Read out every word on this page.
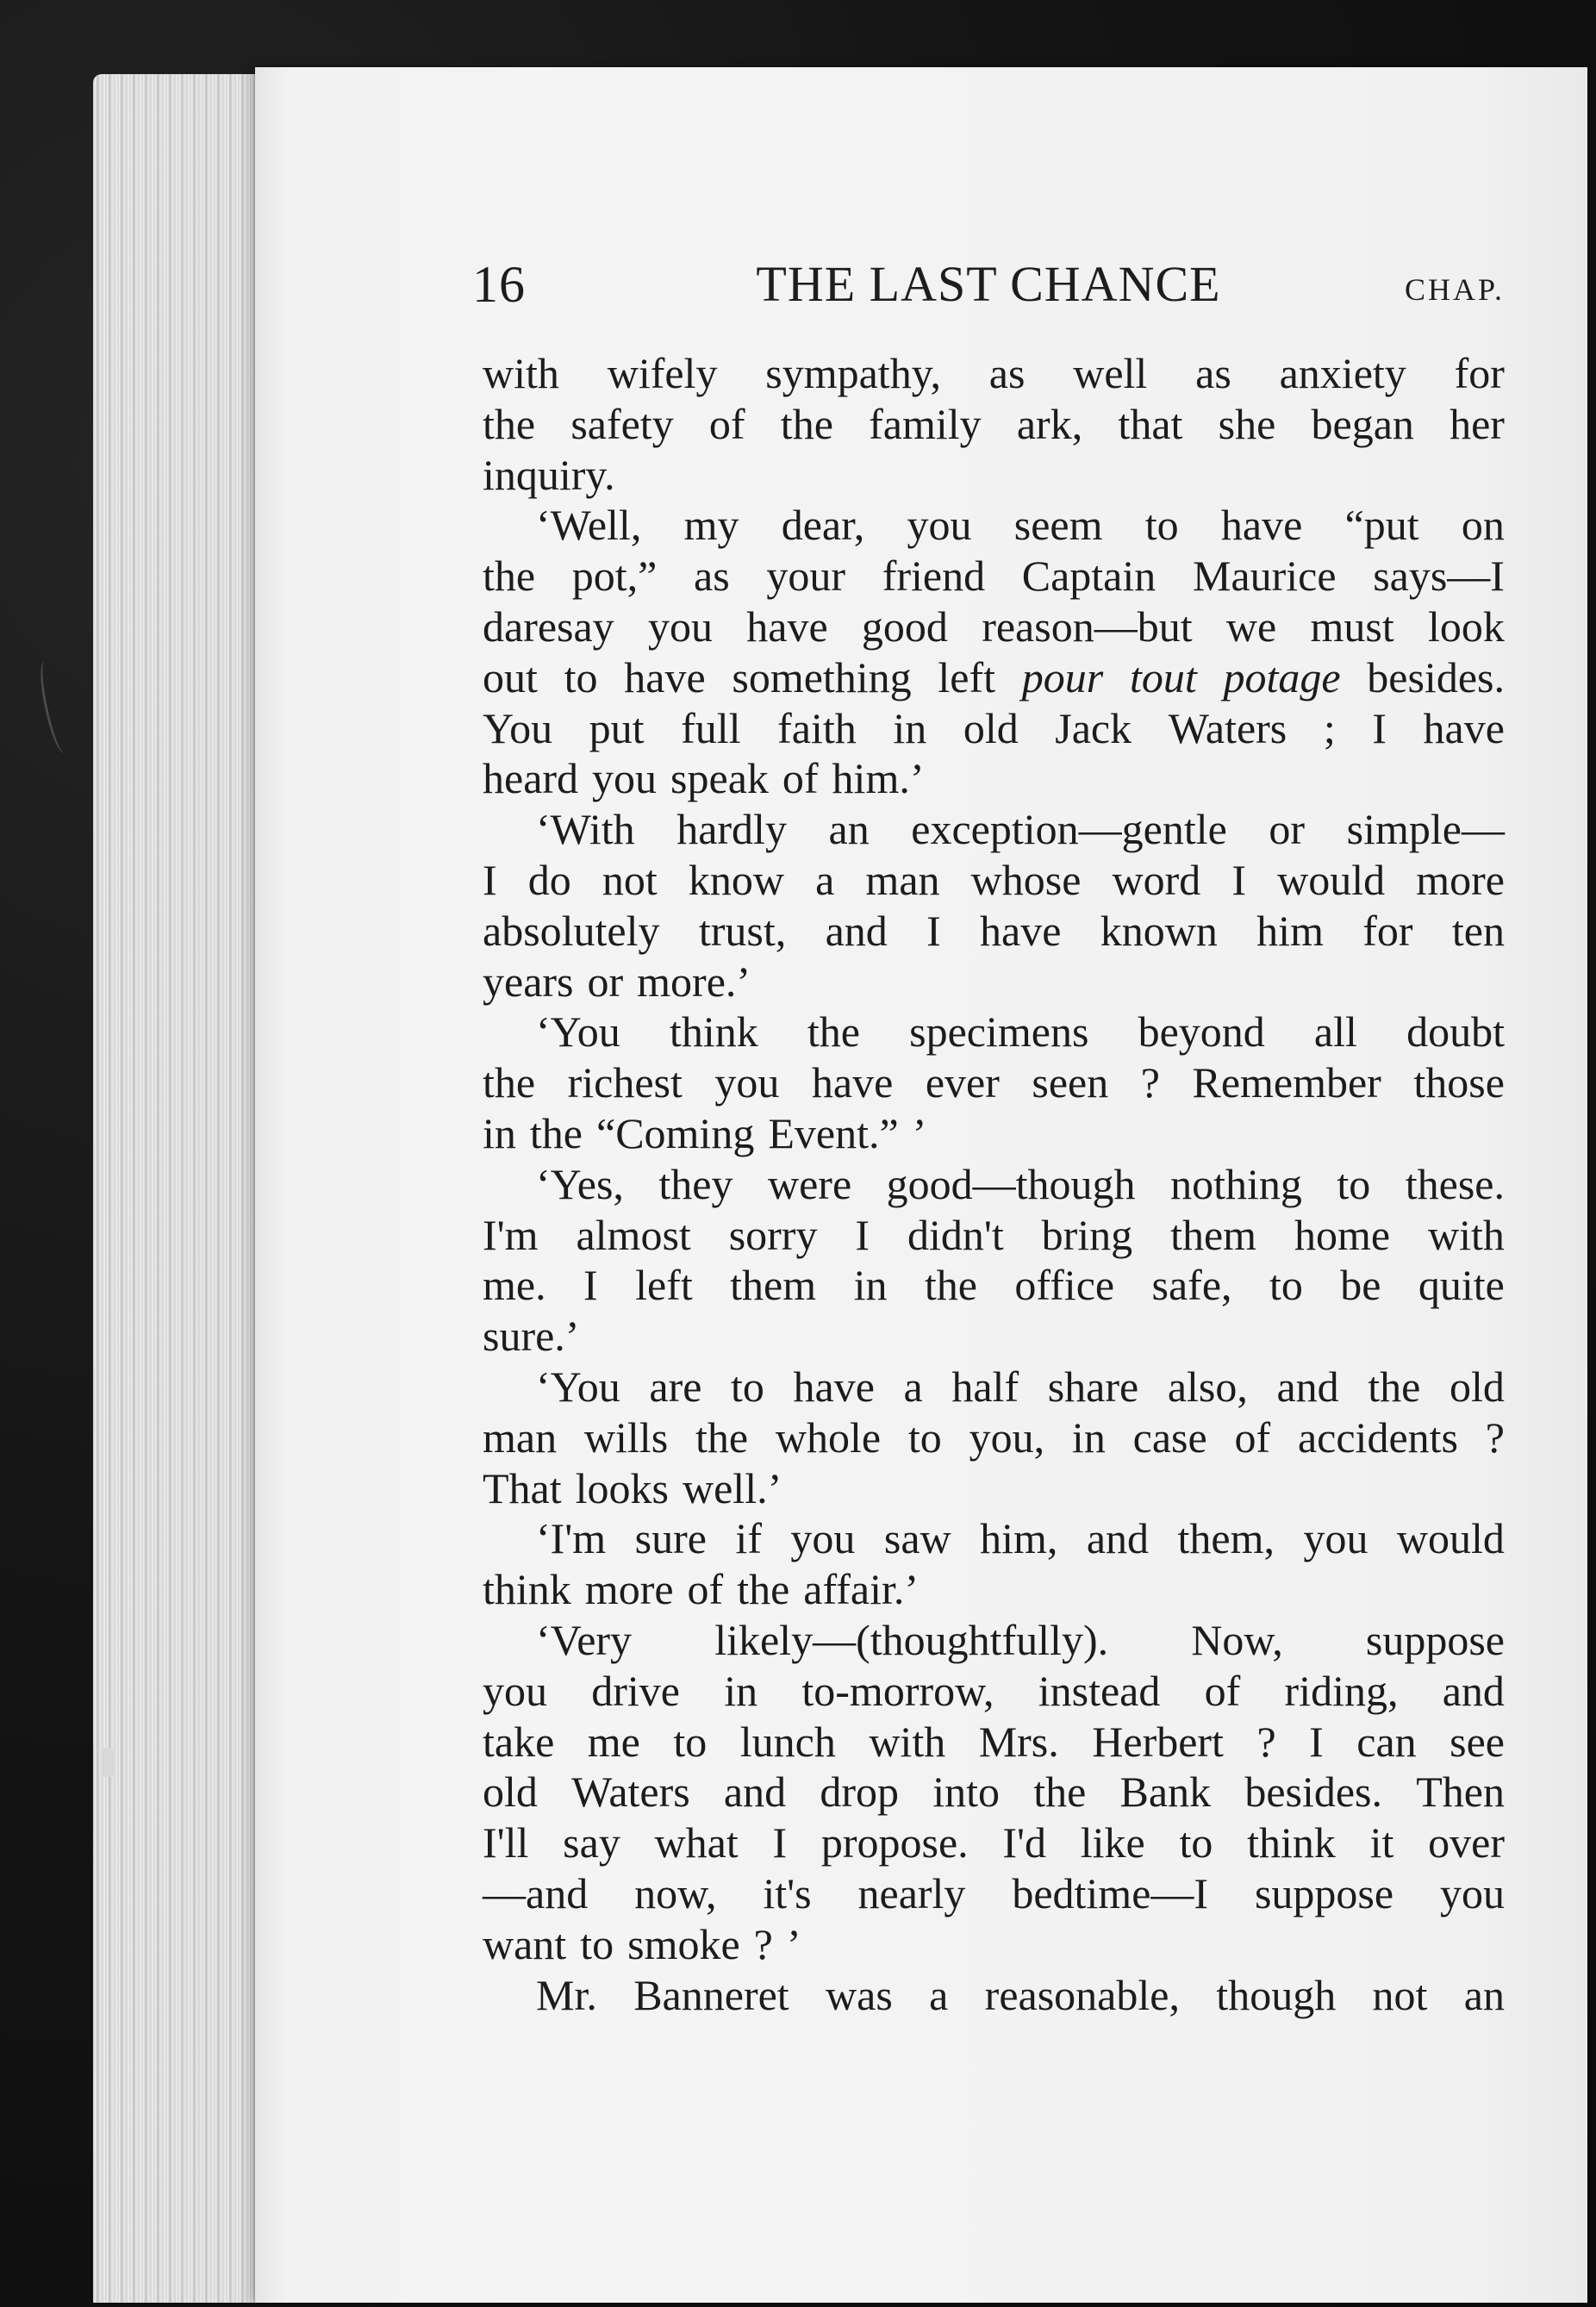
16	THE LAST CHANCE	CHAP.
with wifely sympathy, as well as anxiety for
the safety of the family ark, that she began her
inquiry.
‘Well, my dear, you seem to have “put on
the pot,” as your friend Captain Maurice says—I
daresay you have good reason—but we must look
out to have something left pour tout potage besides.
You put full faith in old Jack Waters ; I have
heard you speak of him.’
‘With hardly an exception—gentle or simple—
I do not know a man whose word I would more
absolutely trust, and I have known him for ten
years or more.’
‘You think the specimens beyond all doubt
the richest you have ever seen ? Remember those
in the “Coming Event.” ’
‘Yes, they were good—though nothing to these.
I'm almost sorry I didn't bring them home with
me. I left them in the office safe, to be quite
sure.’
‘You are to have a half share also, and the old
man wills the whole to you, in case of accidents ?
That looks well.’
‘I'm sure if you saw him, and them, you would
think more of the affair.’
‘Very likely—(thoughtfully). Now, suppose
you drive in to-morrow, instead of riding, and
take me to lunch with Mrs. Herbert ? I can see
old Waters and drop into the Bank besides. Then
I'll say what I propose. I'd like to think it over
—and now, it's nearly bedtime—I suppose you
want to smoke ? ’
Mr. Banneret was a reasonable, though not an
